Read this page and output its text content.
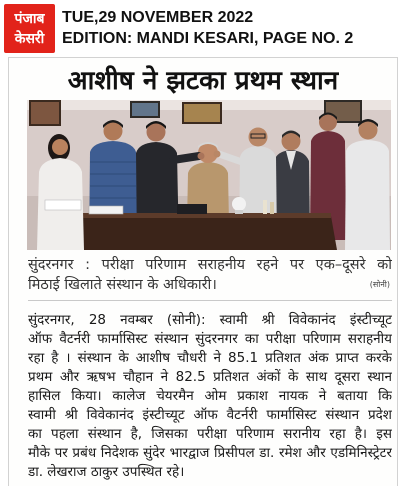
पंजाब
केसरी
TUE,29 NOVEMBER 2022
EDITION: MANDI KESARI, PAGE NO. 2
आशीष ने झटका प्रथम स्थान
सुंदरनगर : परीक्षा परिणाम सराहनीय रहने पर एक–दूसरे को
मिठाई खिलाते संस्थान के अधिकारी।	(सोनी)
सुंदरनगर, 28 नवम्बर (सोनी): स्वामी श्री विवेकानंद इंस्टीच्यूट
ऑफ वैटर्नरी फार्मासिस्ट संस्थान सुंदरनगर का परीक्षा परिणाम सराहनीय
रहा है । संस्थान के आशीष चौधरी ने 85.1 प्रतिशत अंक प्राप्त करके
प्रथम और ऋषभ चौहान ने 82.5 प्रतिशत अंकों के साथ दूसरा स्थान
हासिल किया। कालेज चेयरमैन ओम प्रकाश नायक ने बताया कि
स्वामी श्री विवेकानंद इंस्टीच्यूट ऑफ वैटर्नरी फार्मासिस्ट संस्थान प्रदेश
का पहला संस्थान है, जिसका परीक्षा परिणाम सरानीय रहा है। इस
मौके पर प्रबंध निदेशक सुंदेर भारद्वाज प्रिसीपल डा. रमेश और एडमिनिस्ट्रेटर
डा. लेखराज ठाकुर उपस्थित रहे।
